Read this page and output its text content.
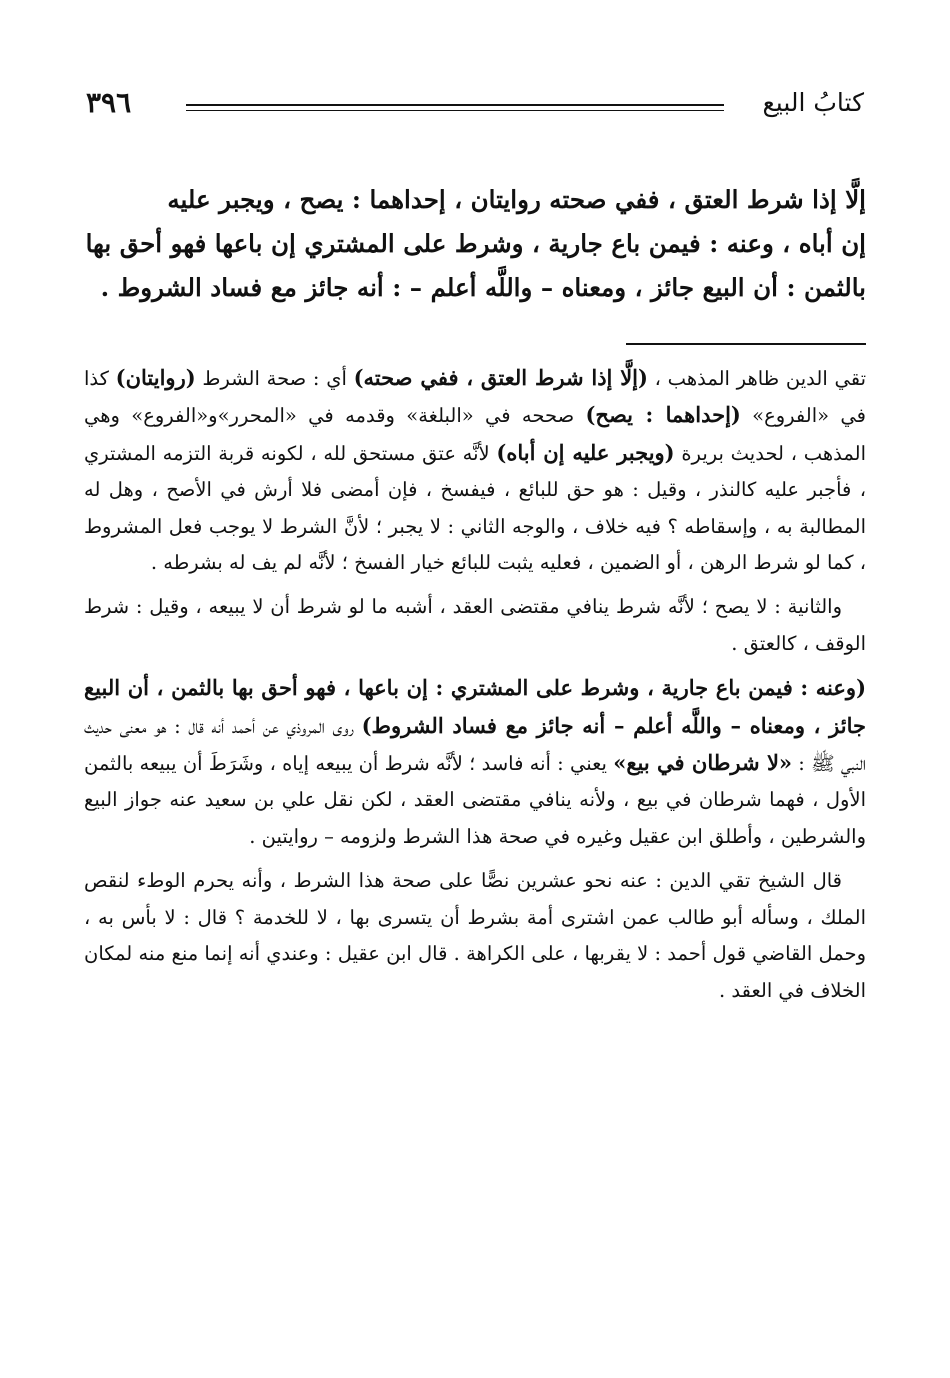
٣٩٦	كتابُ البيع

إلَّا إذا شرط العتق ، ففي صحته روايتان ، إحداهما : يصح ، ويجبر عليه

إن أباه ، وعنه : فيمن باع جارية ، وشرط على المشتري إن باعها فهو أحق بها

بالثمن : أن البيع جائز ، ومعناه – واللَّه أعلم – : أنه جائز مع فساد الشروط .

تقي الدين ظاهر المذهب ، (إلَّا إذا شرط العتق ، ففي صحته) أي : صحة الشرط (روايتان) كذا في «الفروع» (إحداهما : يصح) صححه في «البلغة» وقدمه في «المحرر»و«الفروع» وهي المذهب ، لحديث بريرة (ويجبر عليه إن أباه) لأنَّه عتق مستحق لله ، لكونه قربة التزمه المشتري ، فأجبر عليه كالنذر ، وقيل : هو حق للبائع ، فيفسخ ، فإن أمضى فلا أرش في الأصح ، وهل له المطالبة به ، وإسقاطه ؟ فيه خلاف ، والوجه الثاني : لا يجبر ؛ لأنَّ الشرط لا يوجب فعل المشروط ، كما لو شرط الرهن ، أو الضمين ، فعليه يثبت للبائع خيار الفسخ ؛ لأنَّه لم يف له بشرطه .

والثانية : لا يصح ؛ لأنَّه شرط ينافي مقتضى العقد ، أشبه ما لو شرط أن لا يبيعه ، وقيل : شرط الوقف ، كالعتق .

(وعنه : فيمن باع جارية ، وشرط على المشتري : إن باعها ، فهو أحق بها بالثمن ، أن البيع جائز ، ومعناه – واللَّه أعلم – أنه جائز مع فساد الشروط) روى المروذي عن أحمد أنه قال : هو معنى حديث النبي ﷺ : «لا شرطان في بيع» يعني : أنه فاسد ؛ لأنَّه شرط أن يبيعه إياه ، وشَرَطَ أن يبيعه بالثمن الأول ، فهما شرطان في بيع ، ولأنه ينافي مقتضى العقد ، لكن نقل علي بن سعيد عنه جواز البيع والشرطين ، وأطلق ابن عقيل وغيره في صحة هذا الشرط ولزومه – روايتين .

قال الشيخ تقي الدين : عنه نحو عشرين نصًّا على صحة هذا الشرط ، وأنه يحرم الوطء لنقص الملك ، وسأله أبو طالب عمن اشترى أمة بشرط أن يتسرى بها ، لا للخدمة ؟ قال : لا بأس به ، وحمل القاضي قول أحمد : لا يقربها ، على الكراهة . قال ابن عقيل : وعندي أنه إنما منع منه لمكان الخلاف في العقد .
